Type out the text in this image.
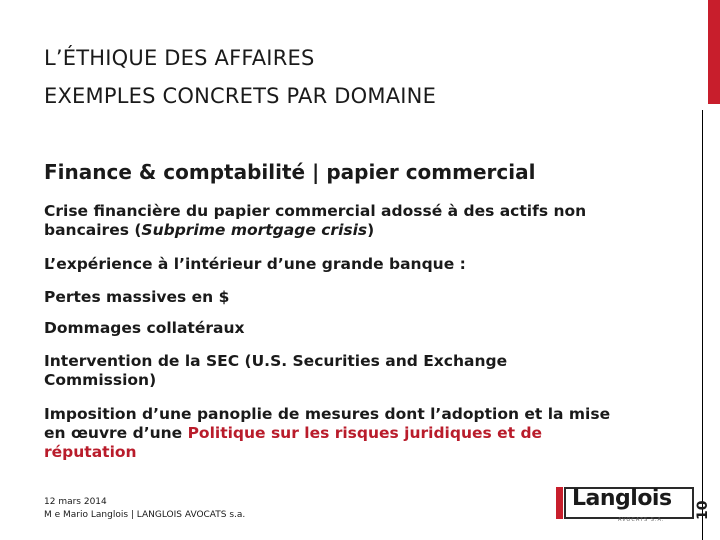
10
L’ÉTHIQUE DES AFFAIRES
EXEMPLES CONCRETS PAR DOMAINE
Finance & comptabilité | papier commercial
Crise financière du papier commercial adossé à des actifs non bancaires (Subprime mortgage crisis)
L’expérience à l’intérieur d’une grande banque :
Pertes massives en $
Dommages collatéraux
Intervention de la SEC (U.S. Securities and Exchange Commission)
Imposition d’une panoplie de mesures dont l’adoption et la mise en œuvre d’une Politique sur les risques juridiques et de réputation
12 mars 2014
M e Mario Langlois | LANGLOIS AVOCATS s.a.
Langlois
AVOCATS S.A.
